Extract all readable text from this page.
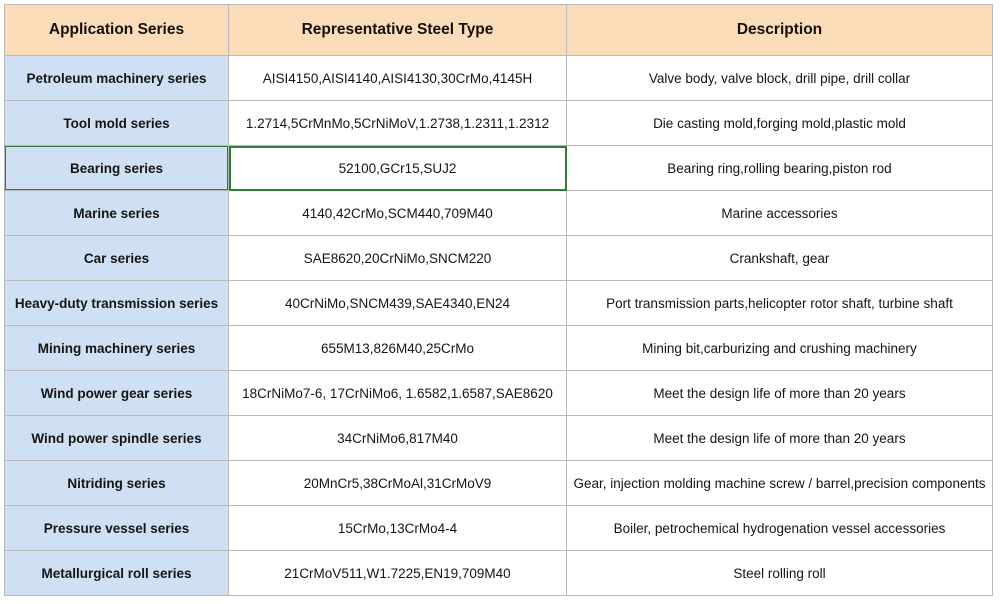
Application Series	Representative Steel Type	Description
Petroleum machinery series	AISI4150,AISI4140,AISI4130,30CrMo,4145H	Valve body, valve block, drill pipe, drill collar
Tool mold series	1.2714,5CrMnMo,5CrNiMoV,1.2738,1.2311,1.2312	Die casting mold,forging mold,plastic mold
Bearing series	52100,GCr15,SUJ2	Bearing ring,rolling bearing,piston rod
Marine series	4140,42CrMo,SCM440,709M40	Marine accessories
Car series	SAE8620,20CrNiMo,SNCM220	Crankshaft, gear
Heavy-duty transmission series	40CrNiMo,SNCM439,SAE4340,EN24	Port transmission parts,helicopter rotor shaft, turbine shaft
Mining machinery series	655M13,826M40,25CrMo	Mining bit,carburizing and crushing machinery
Wind power gear series	18CrNiMo7-6, 17CrNiMo6, 1.6582,1.6587,SAE8620	Meet the design life of more than 20 years
Wind power spindle series	34CrNiMo6,817M40	Meet the design life of more than 20 years
Nitriding series	20MnCr5,38CrMoAl,31CrMoV9	Gear, injection molding machine screw / barrel,precision components
Pressure vessel series	15CrMo,13CrMo4-4	Boiler, petrochemical hydrogenation vessel accessories
Metallurgical roll series	21CrMoV511,W1.7225,EN19,709M40	Steel rolling roll
